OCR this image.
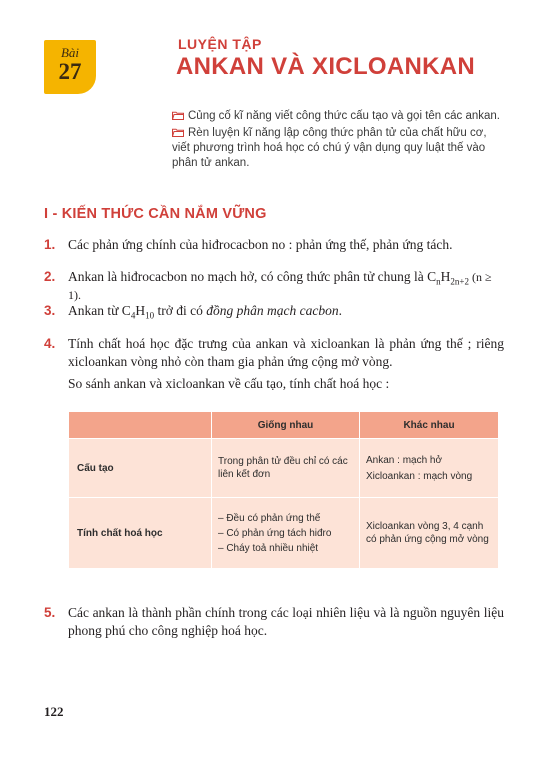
Bài
27
LUYỆN TẬP
ANKAN VÀ XICLOANKAN

Củng cố kĩ năng viết công thức cấu tạo và gọi tên các ankan.

Rèn luyện kĩ năng lập công thức phân tử của chất hữu cơ, viết phương trình hoá học có chú ý vận dụng quy luật thế vào phân tử ankan.

I - KIẾN THỨC CẦN NẮM VỮNG
1. Các phản ứng chính của hiđrocacbon no : phản ứng thế, phản ứng tách.
2. Ankan là hiđrocacbon no mạch hở, có công thức phân tử chung là $C_nH_{2n+2}$ (n ≥ 1).
3. Ankan từ $C_4H_{10}$ trở đi có đồng phân mạch cacbon.
4. Tính chất hoá học đặc trưng của ankan và xicloankan là phản ứng thế ; riêng xicloankan vòng nhỏ còn tham gia phản ứng cộng mở vòng.
So sánh ankan và xicloankan về cấu tạo, tính chất hoá học :
	Giống nhau	Khác nhau
Cấu tạo	Trong phân tử đều chỉ có các liên kết đơn	Ankan : mạch hở
Xicloankan : mạch vòng

Tính chất hoá học	– Đều có phản ứng thế
– Có phản ứng tách hiđro
– Cháy toả nhiều nhiệt	Xicloankan vòng 3, 4 cạnh có phản ứng cộng mở vòng
5. Các ankan là thành phần chính trong các loại nhiên liệu và là nguồn nguyên liệu phong phú cho công nghiệp hoá học.
122
